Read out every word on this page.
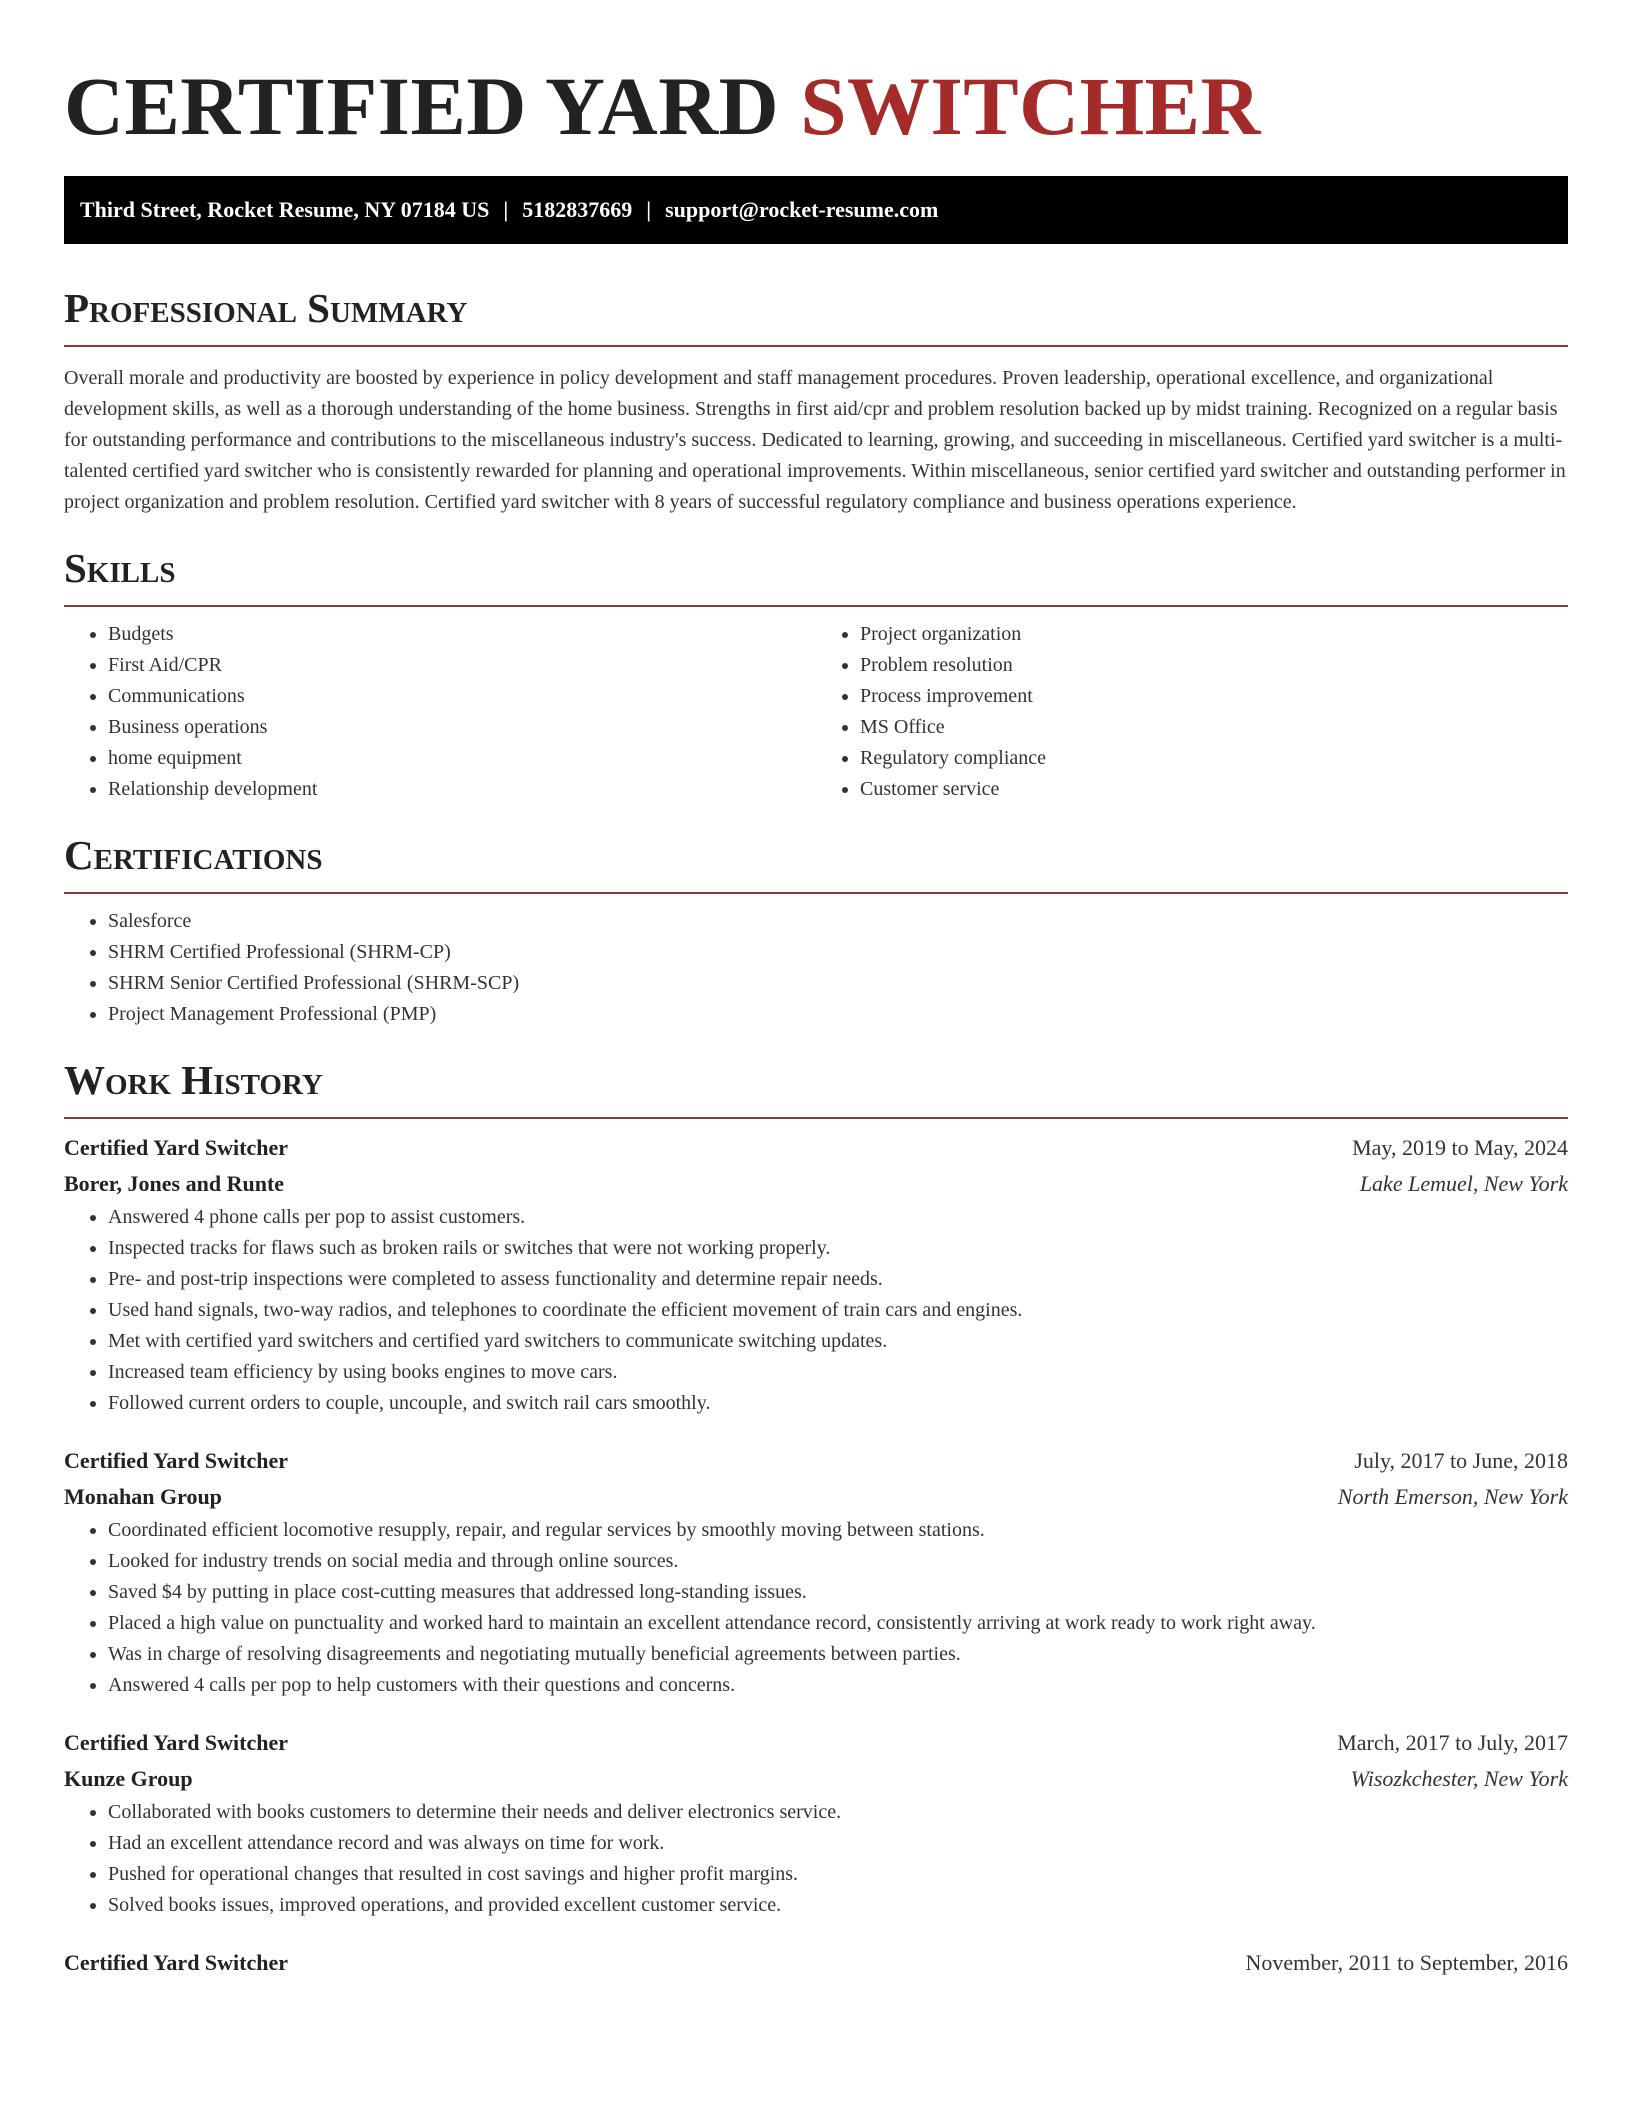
CERTIFIED YARD SWITCHER
Third Street, Rocket Resume, NY 07184 US | 5182837669 | support@rocket-resume.com
Professional Summary

Overall morale and productivity are boosted by experience in policy development and staff management procedures. Proven leadership, operational excellence, and organizational development skills, as well as a thorough understanding of the home business. Strengths in first aid/cpr and problem resolution backed up by midst training. Recognized on a regular basis for outstanding performance and contributions to the miscellaneous industry's success. Dedicated to learning, growing, and succeeding in miscellaneous. Certified yard switcher is a multi-talented certified yard switcher who is consistently rewarded for planning and operational improvements. Within miscellaneous, senior certified yard switcher and outstanding performer in project organization and problem resolution. Certified yard switcher with 8 years of successful regulatory compliance and business operations experience.

Skills
• Budgets
• First Aid/CPR
• Communications
• Business operations
• home equipment
• Relationship development
• Project organization
• Problem resolution
• Process improvement
• MS Office
• Regulatory compliance
• Customer service
Certifications
• Salesforce
• SHRM Certified Professional (SHRM-CP)
• SHRM Senior Certified Professional (SHRM-SCP)
• Project Management Professional (PMP)
Work History
Certified Yard Switcher	May, 2019 to May, 2024
Borer, Jones and Runte	Lake Lemuel, New York
• Answered 4 phone calls per pop to assist customers.
• Inspected tracks for flaws such as broken rails or switches that were not working properly.
• Pre- and post-trip inspections were completed to assess functionality and determine repair needs.
• Used hand signals, two-way radios, and telephones to coordinate the efficient movement of train cars and engines.
• Met with certified yard switchers and certified yard switchers to communicate switching updates.
• Increased team efficiency by using books engines to move cars.
• Followed current orders to couple, uncouple, and switch rail cars smoothly.
Certified Yard Switcher	July, 2017 to June, 2018
Monahan Group	North Emerson, New York
• Coordinated efficient locomotive resupply, repair, and regular services by smoothly moving between stations.
• Looked for industry trends on social media and through online sources.
• Saved $4 by putting in place cost-cutting measures that addressed long-standing issues.
• Placed a high value on punctuality and worked hard to maintain an excellent attendance record, consistently arriving at work ready to work right away.
• Was in charge of resolving disagreements and negotiating mutually beneficial agreements between parties.
• Answered 4 calls per pop to help customers with their questions and concerns.
Certified Yard Switcher	March, 2017 to July, 2017
Kunze Group	Wisozkchester, New York
• Collaborated with books customers to determine their needs and deliver electronics service.
• Had an excellent attendance record and was always on time for work.
• Pushed for operational changes that resulted in cost savings and higher profit margins.
• Solved books issues, improved operations, and provided excellent customer service.
Certified Yard Switcher	November, 2011 to September, 2016
